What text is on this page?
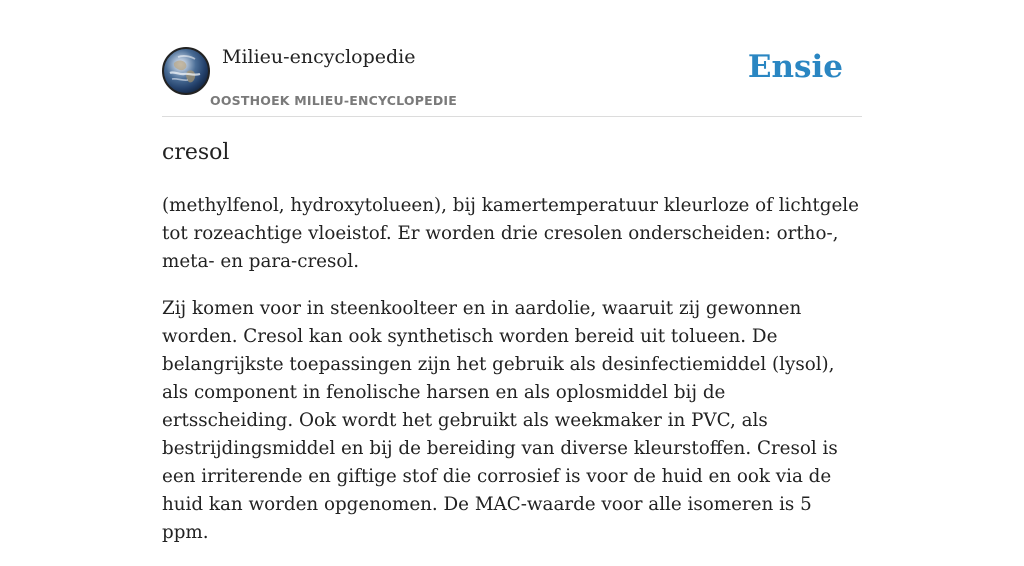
Milieu-encyclopedie
OOSTHOEK MILIEU-ENCYCLOPEDIE
Ensie
cresol

(methylfenol, hydroxytolueen), bij kamertemperatuur kleurloze of lichtgele tot rozeachtige vloeistof. Er worden drie cresolen onderscheiden: ortho-, meta- en para-cresol.

Zij komen voor in steenkoolteer en in aardolie, waaruit zij gewonnen worden. Cresol kan ook synthetisch worden bereid uit tolueen. De belangrijkste toepassingen zijn het gebruik als desinfectiemiddel (lysol), als component in fenolische harsen en als oplosmiddel bij de ertsscheiding. Ook wordt het gebruikt als weekmaker in PVC, als bestrijdingsmiddel en bij de bereiding van diverse kleurstoffen. Cresol is een irriterende en giftige stof die corrosief is voor de huid en ook via de huid kan worden opgenomen. De MAC-waarde voor alle isomeren is 5 ppm.
